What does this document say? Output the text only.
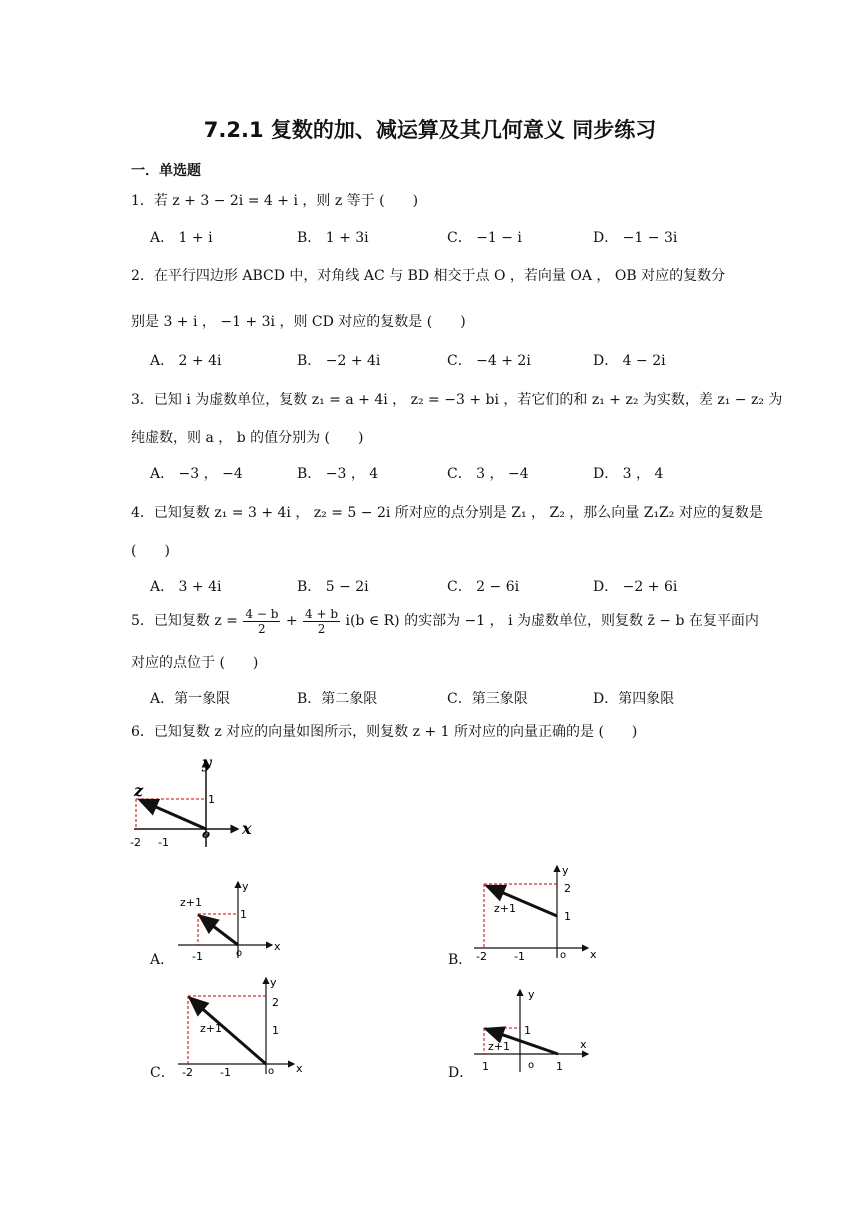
7.2.1 复数的加、减运算及其几何意义 同步练习
一．单选题
1．若 z + 3 − 2i = 4 + i ，则 z 等于 (　　)
A． 1 + i	B． 1 + 3i	C． −1 − i	D． −1 − 3i
2．在平行四边形 ABCD 中，对角线 AC 与 BD 相交于点 O ，若向量 OA ， OB 对应的复数分
别是 3 + i ， −1 + 3i ，则 CD 对应的复数是 (　　)
A． 2 + 4i	B． −2 + 4i	C． −4 + 2i	D． 4 − 2i
3．已知 i 为虚数单位，复数 z₁ = a + 4i ， z₂ = −3 + bi ，若它们的和 z₁ + z₂ 为实数，差 z₁ − z₂ 为
纯虚数，则 a ， b 的值分别为 (　　)
A． −3 ， −4	B． −3 ， 4	C． 3 ， −4	D． 3 ， 4
4．已知复数 z₁ = 3 + 4i ， z₂ = 5 − 2i 所对应的点分别是 Z₁ ， Z₂ ，那么向量 Z₁Z₂ 对应的复数是
(　　)
A． 3 + 4i	B． 5 − 2i	C． 2 − 6i	D． −2 + 6i
5．已知复数 $z = \frac{4 - b}{2} + \frac{4 + b}{2} i(b$ ∈ R) 的实部为 −1 ， i 为虚数单位，则复数 z̄ − b 在复平面内
对应的点位于 (　　)
A．第一象限	B．第二象限	C．第三象限	D．第四象限
6．已知复数 z 对应的向量如图所示，则复数 z + 1 所对应的向量正确的是 (　　)
z
y
x
o
1
-2 -1
A．
z+1
y
x
o
1
-1	B．
z+1
y
x
o
2
1
-2 -1
C．
z+1
y
x
o
2
1
-2 -1	D．
z+1
y
x
o
1
1	1
